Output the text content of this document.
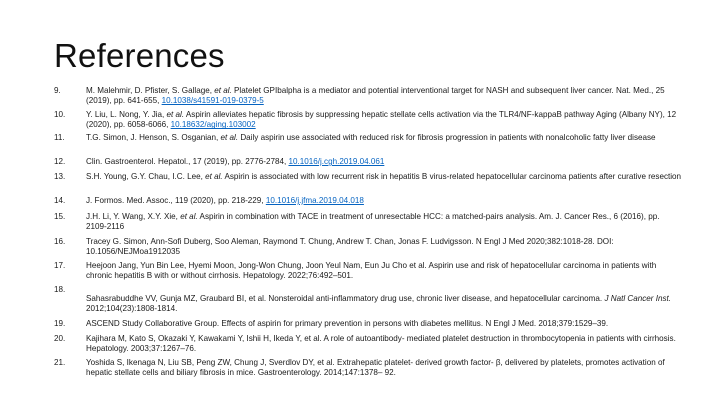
References
9.	M. Malehmir, D. Pfister, S. Gallage, et al. Platelet GPIbalpha is a mediator and potential interventional target for NASH and subsequent liver cancer. Nat. Med., 25 (2019), pp. 641-655, 10.1038/s41591-019-0379-5
10.	Y. Liu, L. Nong, Y. Jia, et al. Aspirin alleviates hepatic fibrosis by suppressing hepatic stellate cells activation via the TLR4/NF-kappaB pathway Aging (Albany NY), 12 (2020), pp. 6058-6066, 10.18632/aging.103002
11.	T.G. Simon, J. Henson, S. Osganian, et al. Daily aspirin use associated with reduced risk for fibrosis progression in patients with nonalcoholic fatty liver disease
12.	Clin. Gastroenterol. Hepatol., 17 (2019), pp. 2776-2784, 10.1016/j.cgh.2019.04.061
13.	S.H. Young, G.Y. Chau, I.C. Lee, et al. Aspirin is associated with low recurrent risk in hepatitis B virus-related hepatocellular carcinoma patients after curative resection
14.	J. Formos. Med. Assoc., 119 (2020), pp. 218-229, 10.1016/j.jfma.2019.04.018
15.	J.H. Li, Y. Wang, X.Y. Xie, et al. Aspirin in combination with TACE in treatment of unresectable HCC: a matched-pairs analysis. Am. J. Cancer Res., 6 (2016), pp. 2109-2116
16.	Tracey G. Simon, Ann-Sofi Duberg, Soo Aleman, Raymond T. Chung, Andrew T. Chan, Jonas F. Ludvigsson. N Engl J Med 2020;382:1018-28. DOI: 10.1056/NEJMoa1912035
17.	Heejoon Jang, Yun Bin Lee, Hyemi Moon, Jong-Won Chung, Joon Yeul Nam, Eun Ju Cho et al. Aspirin use and risk of hepatocellular carcinoma in patients with chronic hepatitis B with or without cirrhosis. Hepatology. 2022;76:492–501.
18.
Sahasrabuddhe VV, Gunja MZ, Graubard BI, et al. Nonsteroidal anti-inflammatory drug use, chronic liver disease, and hepatocellular carcinoma. J Natl Cancer Inst. 2012;104(23):1808-1814.
19.	ASCEND Study Collaborative Group. Effects of aspirin for primary prevention in persons with diabetes mellitus. N Engl J Med. 2018;379:1529–39.
20.	Kajihara M, Kato S, Okazaki Y, Kawakami Y, Ishii H, Ikeda Y, et al. A role of autoantibody- mediated platelet destruction in thrombocytopenia in patients with cirrhosis. Hepatology. 2003;37:1267–76.
21.	Yoshida S, Ikenaga N, Liu SB, Peng ZW, Chung J, Sverdlov DY, et al. Extrahepatic platelet- derived growth factor- β, delivered by platelets, promotes activation of hepatic stellate cells and biliary fibrosis in mice. Gastroenterology. 2014;147:1378– 92.
